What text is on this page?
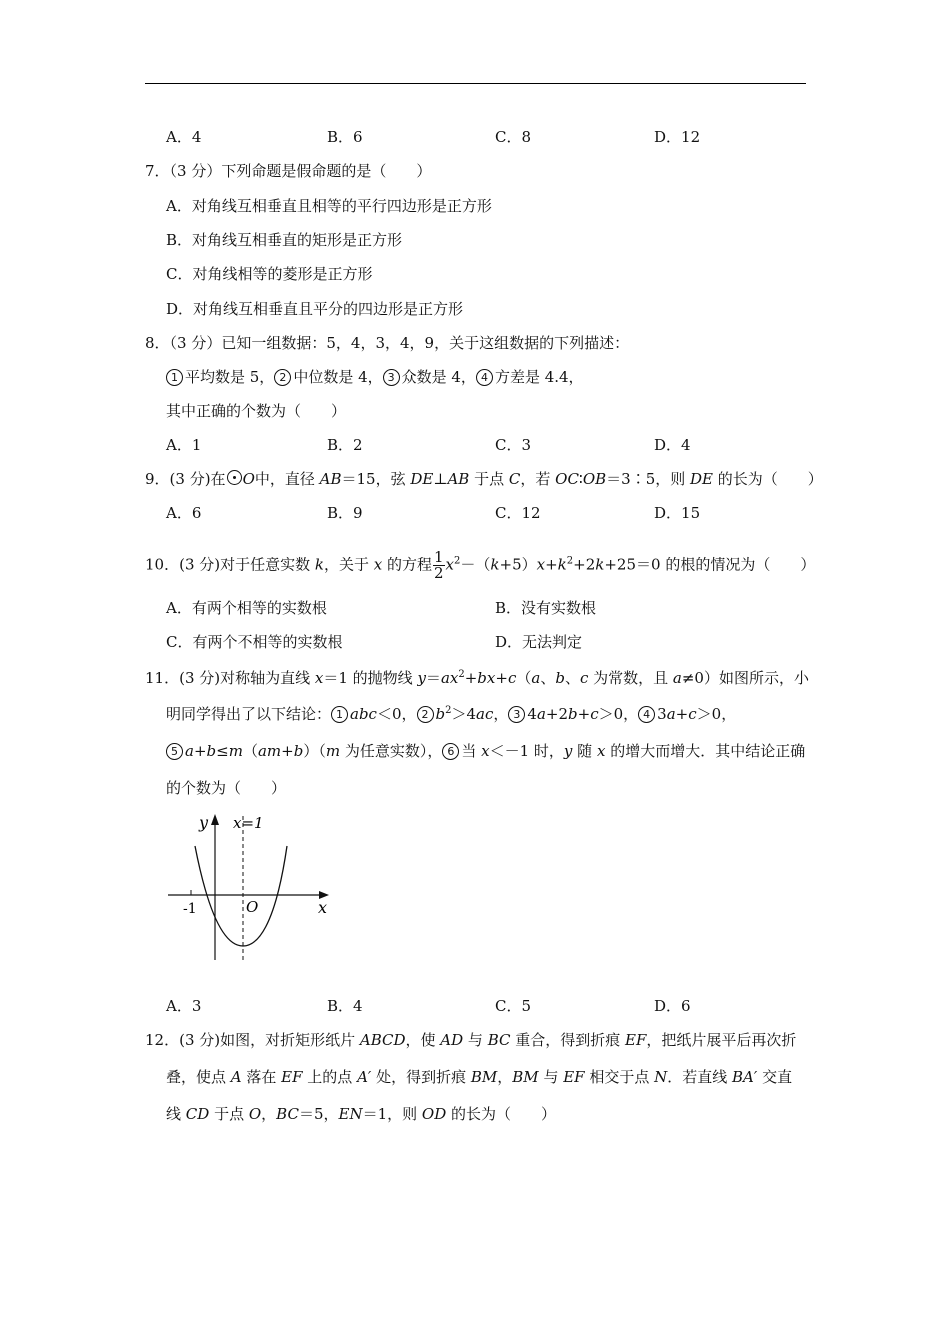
A．4	B．6	C．8	D．12
7．（3 分）下列命题是假命题的是（　　）
A．对角线互相垂直且相等的平行四边形是正方形
B．对角线互相垂直的矩形是正方形
C．对角线相等的菱形是正方形
D．对角线互相垂直且平分的四边形是正方形
8．（3 分）已知一组数据：5，4，3，4，9，关于这组数据的下列描述：
1 平均数是 5， 2 中位数是 4， 3 众数是 4， 4 方差是 4.4，
其中正确的个数为（　　）
A．1	B．2	C．3	D．4
9．(3 分)在 O中，直径 AB＝15，弦 DE⊥AB 于点 C，若 OC∶OB＝3∶5，则 DE 的长为（　　）
A．6	B．9	C．12	D．15
10．(3 分)对于任意实数 k，关于 x 的方程 $\frac{1}{2} x^2-(k+5)x+k^2+2k+25=0$ 的根的情况为（　　）
A．有两个相等的实数根	B．没有实数根
C．有两个不相等的实数根	D．无法判定
11．(3 分)对称轴为直线 x＝1 的抛物线 $y=ax^2+bx+c(a$、b、c 为常数，且 a≠0）如图所示，小
明同学得出了以下结论： 1 abc＜0， 2 $b^2>4ac$， 3 4a+2b+c＞0， 4 3a+c＞0，
5 a+b≤m（am+b）（m 为任意实数）， 6 当 x＜－1 时，y 随 x 的增大而增大．其中结论正确
的个数为（　　）
y x=1
-1	O	x
A．3	B．4	C．5	D．6
12．(3 分)如图，对折矩形纸片 ABCD，使 AD 与 BC 重合，得到折痕 EF，把纸片展平后再次折
叠，使点 A 落在 EF 上的点 A′ 处，得到折痕 BM，BM 与 EF 相交于点 N．若直线 BA′ 交直
线 CD 于点 O，BC＝5，EN＝1，则 OD 的长为（　　）
